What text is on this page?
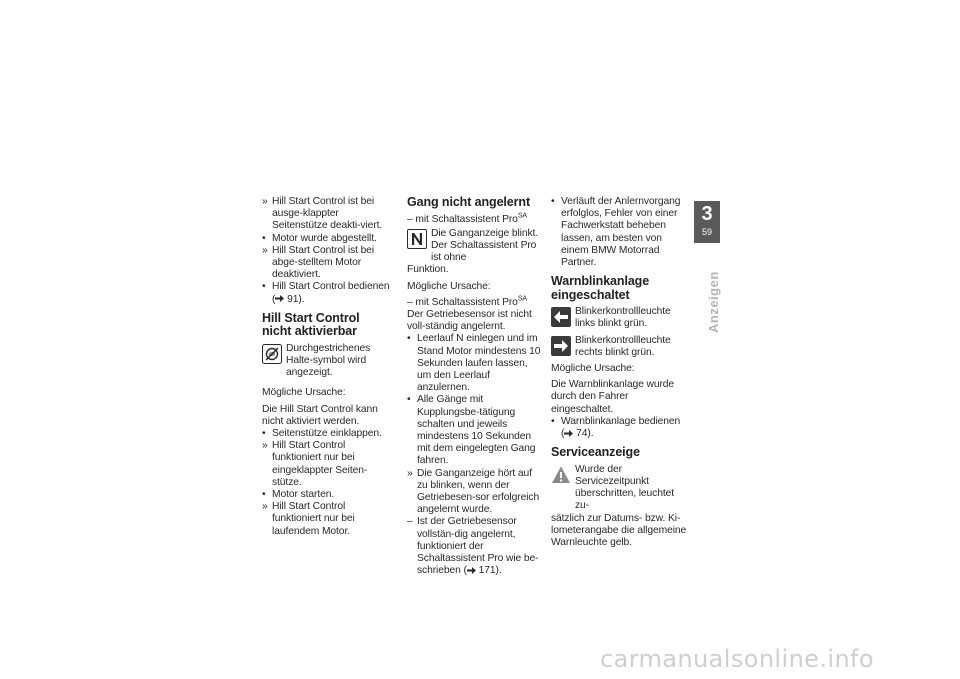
» Hill Start Control ist bei ausge-klappter Seitenstütze deakti-viert.
• Motor wurde abgestellt.
» Hill Start Control ist bei abge-stelltem Motor deaktiviert.
• Hill Start Control bedienen
( 91).
Hill Start Control nicht aktivierbar
Durchgestrichenes Halte-symbol wird angezeigt.

Mögliche Ursache:

Die Hill Start Control kann nicht aktiviert werden.

• Seitenstütze einklappen.
» Hill Start Control funktioniert nur bei eingeklappter Seiten-stütze.
• Motor starten.
» Hill Start Control funktioniert nur bei laufendem Motor.
Gang nicht angelernt

– mit Schaltassistent Pro$^{SA}$

Die Ganganzeige blinkt. Der Schaltassistent Pro ist ohne

Funktion.

Mögliche Ursache:

– mit Schaltassistent Pro$^{SA}$

Der Getriebesensor ist nicht voll-ständig angelernt.

• Leerlauf N einlegen und im Stand Motor mindestens 10 Sekunden laufen lassen, um den Leerlauf anzulernen.
• Alle Gänge mit Kupplungsbe-tätigung schalten und jeweils mindestens 10 Sekunden mit dem eingelegten Gang fahren.
» Die Ganganzeige hört auf zu blinken, wenn der Getriebesen-sor erfolgreich angelernt wurde.
– Ist der Getriebesensor vollstän-dig angelernt, funktioniert der Schaltassistent Pro wie be-schrieben ( 171).
• Verläuft der Anlernvorgang erfolglos, Fehler von einer Fachwerkstatt beheben lassen, am besten von einem BMW Motorrad Partner.
Warnblinkanlage eingeschaltet
Blinkerkontrollleuchte links blinkt grün.
Blinkerkontrollleuchte rechts blinkt grün.

Mögliche Ursache:

Die Warnblinkanlage wurde durch den Fahrer eingeschaltet.

• Warnblinkanlage bedienen
( 74).
Serviceanzeige
Wurde der Servicezeitpunkt überschritten, leuchtet zu-

sätzlich zur Datums- bzw. Ki-lometerangabe die allgemeine Warnleuchte gelb.

3
59
Anzeigen
carmanualsonline.info
